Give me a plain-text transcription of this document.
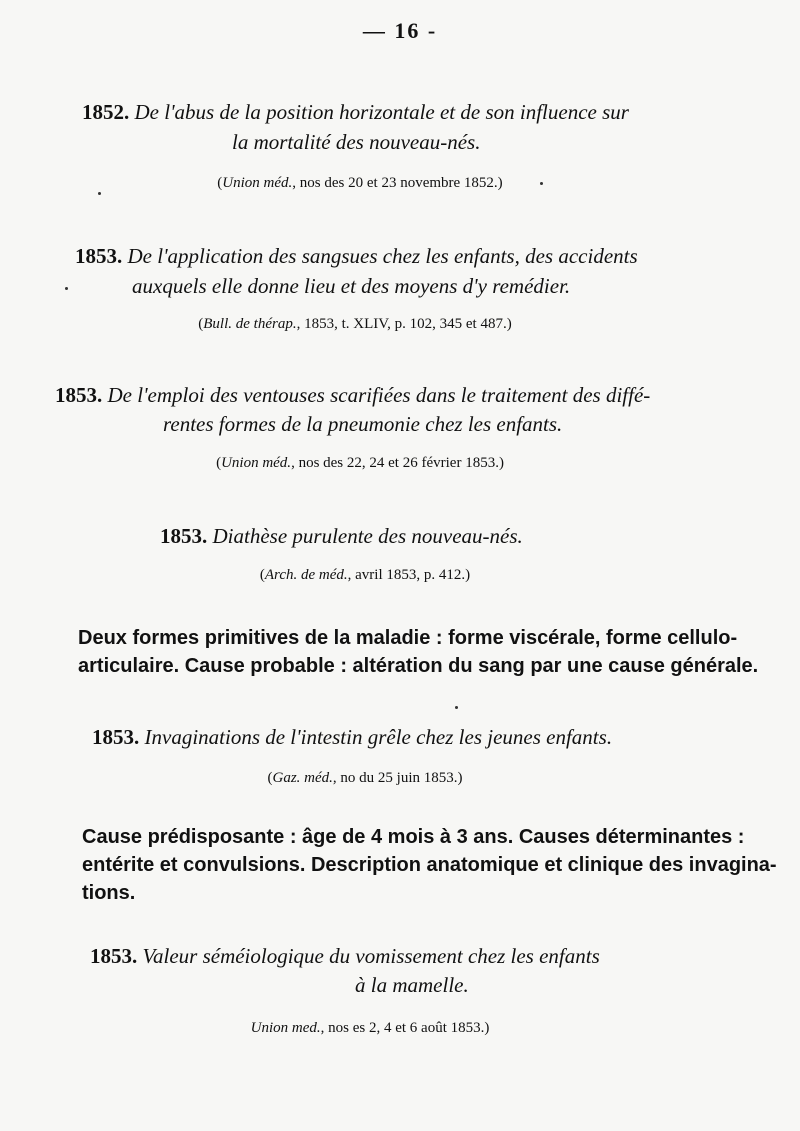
— 16 -
1852. De l'abus de la position horizontale et de son influence sur
la mortalité des nouveau-nés.
(Union méd., nos des 20 et 23 novembre 1852.)
1853. De l'application des sangsues chez les enfants, des accidents
auxquels elle donne lieu et des moyens d'y remédier.
(Bull. de thérap., 1853, t. XLIV, p. 102, 345 et 487.)
1853. De l'emploi des ventouses scarifiées dans le traitement des diffé-
rentes formes de la pneumonie chez les enfants.
(Union méd., nos des 22, 24 et 26 février 1853.)
1853. Diathèse purulente des nouveau-nés.
(Arch. de méd., avril 1853, p. 412.)
Deux formes primitives de la maladie : forme viscérale, forme cellulo-
articulaire. Cause probable : altération du sang par une cause générale.
1853. Invaginations de l'intestin grêle chez les jeunes enfants.
(Gaz. méd., no du 25 juin 1853.)
Cause prédisposante : âge de 4 mois à 3 ans. Causes déterminantes :
entérite et convulsions. Description anatomique et clinique des invagina-
tions.
1853. Valeur séméiologique du vomissement chez les enfants
à la mamelle.
Union med., nos es 2, 4 et 6 août 1853.)
